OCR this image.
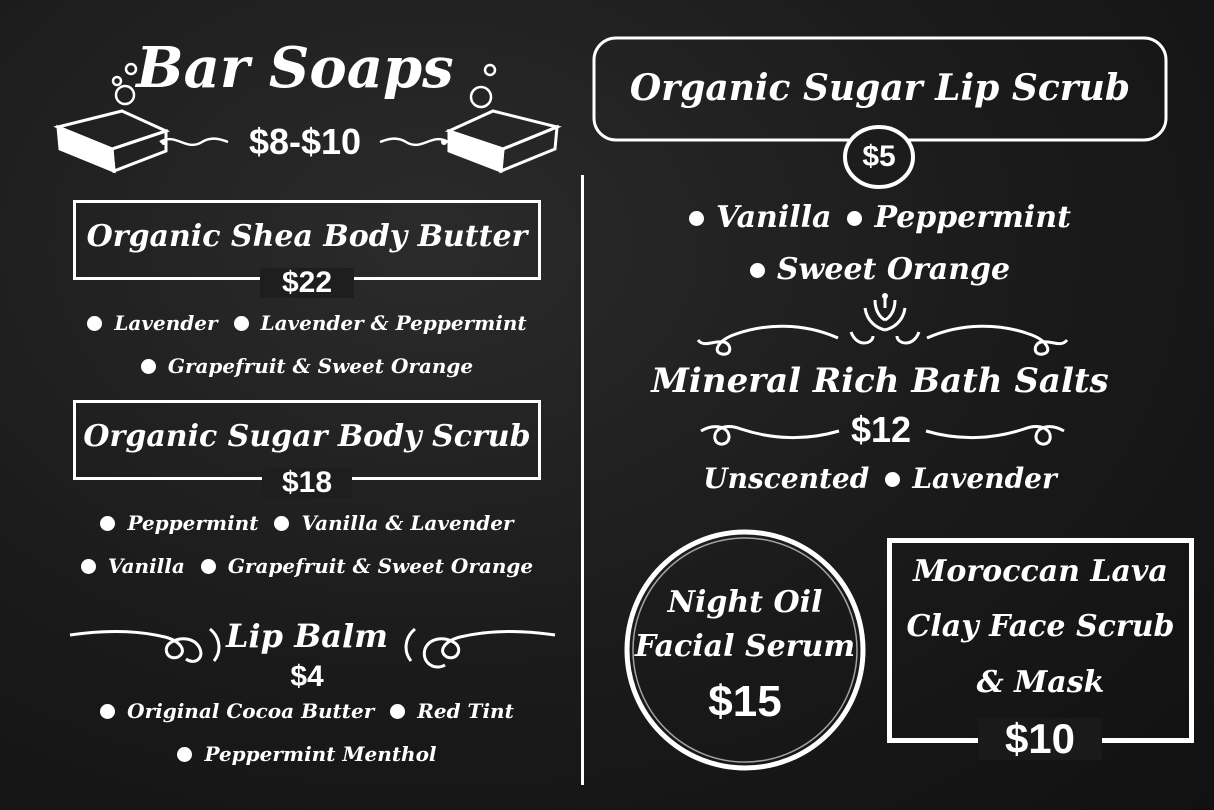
Bar Soaps
$8-$10
Organic Shea Body Butter
$22
Lavender Lavender & Peppermint
Grapefruit & Sweet Orange
Organic Sugar Body Scrub
$18
Peppermint Vanilla & Lavender
Vanilla Grapefruit & Sweet Orange
Lip Balm
$4
Original Cocoa Butter Red Tint
Peppermint Menthol
Organic Sugar Lip Scrub
$5
Vanilla Peppermint
Sweet Orange
Mineral Rich Bath Salts
$12
Unscented Lavender
Night Oil
Facial Serum
$15
Moroccan Lava
Clay Face Scrub
& Mask
$10
